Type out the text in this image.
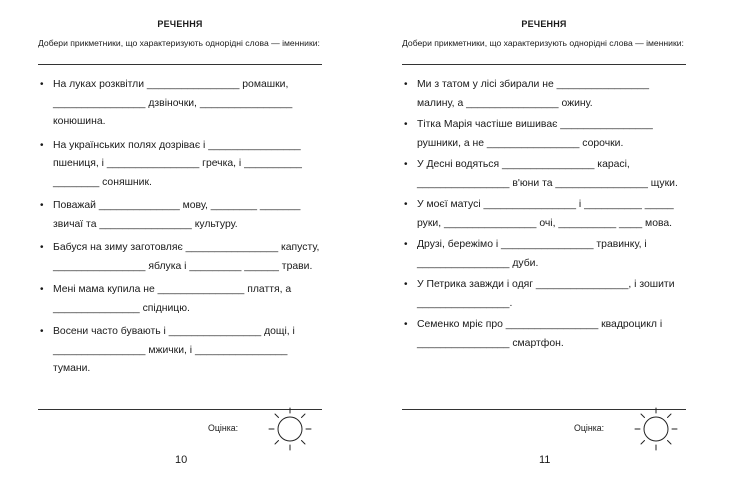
РЕЧЕННЯ
Добери прикметники, що характеризують однорідні слова — іменники:
• На луках розквітли ________________ ромашки, ________________ дзвіночки, ________________ конюшина.
• На українських полях дозріває і ________________ пшениця, і ________________ гречка, і __________ ________ соняшник.
• Поважай ______________ мову, ________ _______ звичаї та ________________ культуру.
• Бабуся на зиму заготовляє ________________ капусту, ________________ яблука і _________ ______ трави.
• Мені мама купила не _______________ плаття, а _______________ спідницю.
• Восени часто бувають і ________________ дощі, і ________________ мжички, і ________________ тумани.
Оцінка:
10
РЕЧЕННЯ
Добери прикметники, що характеризують однорідні слова — іменники:
• Ми з татом у лісі збирали не ________________ малину, а ________________ ожину.
• Тітка Марія частіше вишиває ________________ рушники, а не ________________ сорочки.
• У Десні водяться ________________ карасі, ________________ в'юни та ________________ щуки.
• У моєї матусі ________________ і __________ _____ руки, ________________ очі, __________ ____ мова.
• Друзі, бережімо і ________________ травинку, і ________________ дуби.
• У Петрика завжди і одяг ________________, і зошити ________________.
• Семенко мріє про ________________ квадроцикл і ________________ смартфон.
Оцінка:
11
